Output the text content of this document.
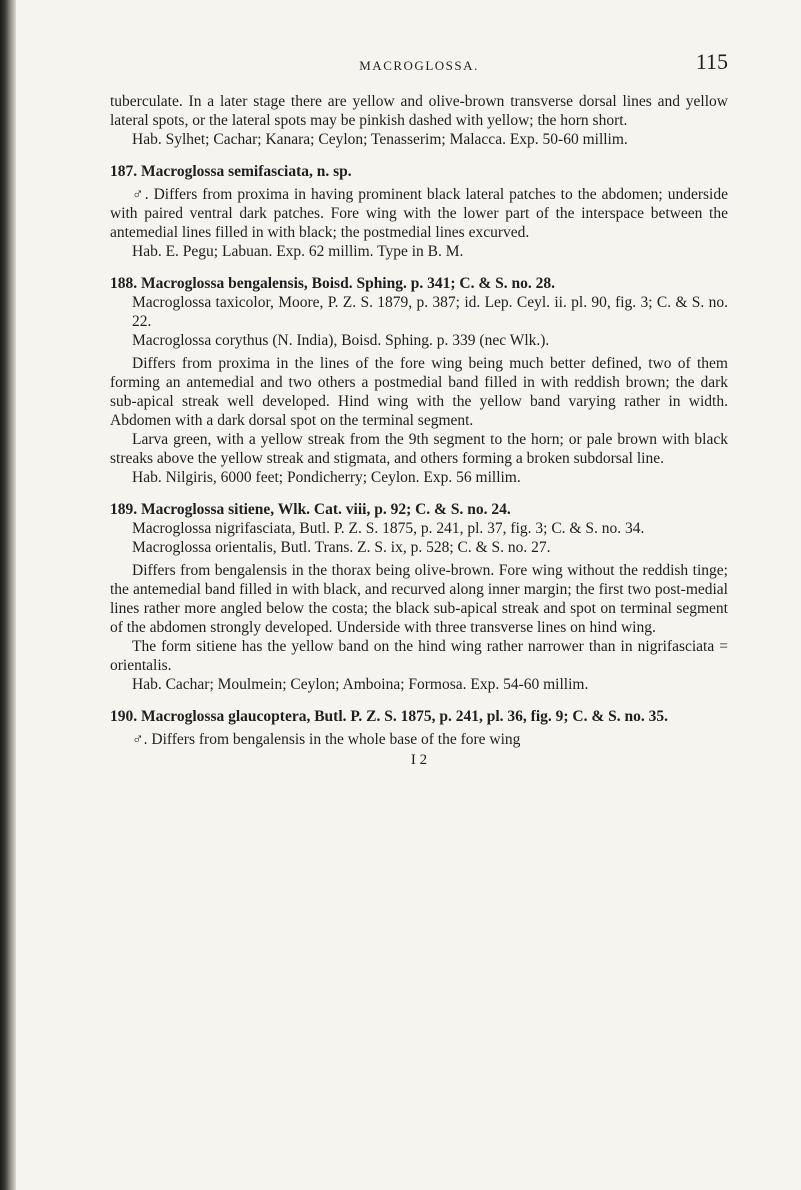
MACROGLOSSA.	115

tuberculate. In a later stage there are yellow and olive-brown transverse dorsal lines and yellow lateral spots, or the lateral spots may be pinkish dashed with yellow; the horn short.

Hab. Sylhet; Cachar; Kanara; Ceylon; Tenasserim; Malacca. Exp. 50-60 millim.

187. Macroglossa semifasciata, n. sp.

♂. Differs from proxima in having prominent black lateral patches to the abdomen; underside with paired ventral dark patches. Fore wing with the lower part of the interspace between the antemedial lines filled in with black; the postmedial lines excurved.

Hab. E. Pegu; Labuan. Exp. 62 millim. Type in B. M.

188. Macroglossa bengalensis, Boisd. Sphing. p. 341; C. & S. no. 28.

Macroglossa taxicolor, Moore, P. Z. S. 1879, p. 387; id. Lep. Ceyl. ii. pl. 90, fig. 3; C. & S. no. 22.

Macroglossa corythus (N. India), Boisd. Sphing. p. 339 (nec Wlk.).

Differs from proxima in the lines of the fore wing being much better defined, two of them forming an antemedial and two others a postmedial band filled in with reddish brown; the dark sub-apical streak well developed. Hind wing with the yellow band varying rather in width. Abdomen with a dark dorsal spot on the terminal segment.

Larva green, with a yellow streak from the 9th segment to the horn; or pale brown with black streaks above the yellow streak and stigmata, and others forming a broken subdorsal line.

Hab. Nilgiris, 6000 feet; Pondicherry; Ceylon. Exp. 56 millim.

189. Macroglossa sitiene, Wlk. Cat. viii, p. 92; C. & S. no. 24.

Macroglossa nigrifasciata, Butl. P. Z. S. 1875, p. 241, pl. 37, fig. 3; C. & S. no. 34.

Macroglossa orientalis, Butl. Trans. Z. S. ix, p. 528; C. & S. no. 27.

Differs from bengalensis in the thorax being olive-brown. Fore wing without the reddish tinge; the antemedial band filled in with black, and recurved along inner margin; the first two post-medial lines rather more angled below the costa; the black sub-apical streak and spot on terminal segment of the abdomen strongly developed. Underside with three transverse lines on hind wing.

The form sitiene has the yellow band on the hind wing rather narrower than in nigrifasciata = orientalis.

Hab. Cachar; Moulmein; Ceylon; Amboina; Formosa. Exp. 54-60 millim.

190. Macroglossa glaucoptera, Butl. P. Z. S. 1875, p. 241, pl. 36, fig. 9; C. & S. no. 35.

♂. Differs from bengalensis in the whole base of the fore wing

I 2
